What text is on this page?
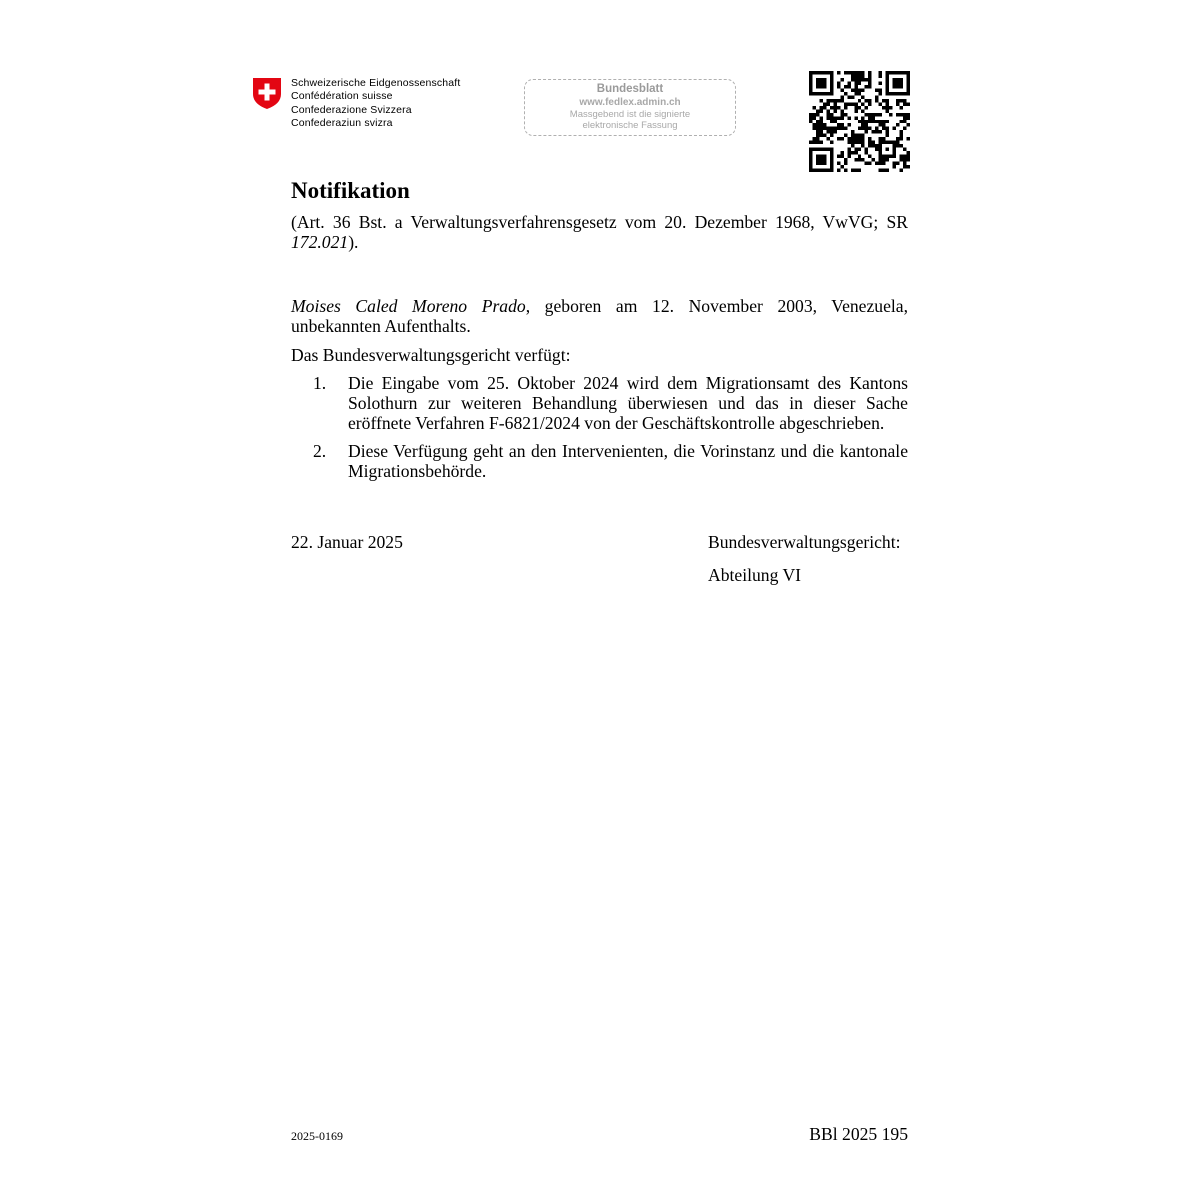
Schweizerische Eidgenossenschaft
Confédération suisse
Confederazione Svizzera
Confederaziun svizra
Bundesblatt
www.fedlex.admin.ch
Massgebend ist die signierte
elektronische Fassung
Notifikation
(Art. 36 Bst. a Verwaltungsverfahrensgesetz vom 20. Dezember 1968, VwVG; SR 172.021).
Moises Caled Moreno Prado, geboren am 12. November 2003, Venezuela, unbekannten Aufenthalts.
Das Bundesverwaltungsgericht verfügt:
1. Die Eingabe vom 25. Oktober 2024 wird dem Migrationsamt des Kantons Solothurn zur weiteren Behandlung überwiesen und das in dieser Sache eröffnete Verfahren F-6821/2024 von der Geschäftskontrolle abgeschrieben.
2. Diese Verfügung geht an den Intervenienten, die Vorinstanz und die kantonale Migrationsbehörde.
22. Januar 2025	Bundesverwaltungsgericht:
Abteilung VI
2025-0169	BBl 2025 195
